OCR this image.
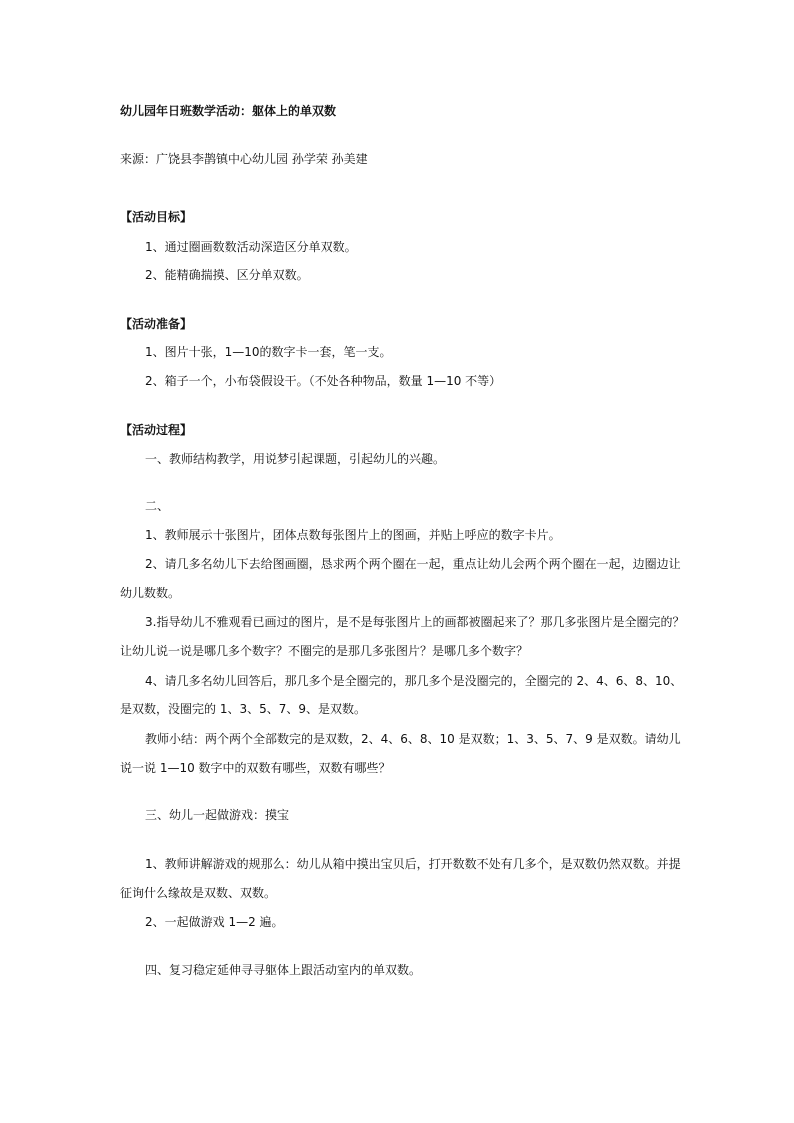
幼儿园年日班数学活动：躯体上的单双数
来源：广饶县李鹊镇中心幼儿园 孙学荣 孙美建
【活动目标】
1、通过圈画数数活动深造区分单双数。
2、能精确揣摸、区分单双数。
【活动准备】
1、图片十张，1—10的数字卡一套，笔一支。
2、箱子一个，小布袋假设干。（不处各种物品，数量 1—10 不等）
【活动过程】
一、教师结构教学，用说梦引起课题，引起幼儿的兴趣。
二、
1、教师展示十张图片，团体点数每张图片上的图画，并贴上呼应的数字卡片。
2、请几多名幼儿下去给图画圈，恳求两个两个圈在一起，重点让幼儿会两个两个圈在一起，边圈边让
幼儿数数。
3.指导幼儿不雅观看已画过的图片，是不是每张图片上的画都被圈起来了？那几多张图片是全圈完的？
让幼儿说一说是哪几多个数字？不圈完的是那几多张图片？是哪几多个数字？
4、请几多名幼儿回答后，那几多个是全圈完的，那几多个是没圈完的，全圈完的 2、4、6、8、10、
是双数，没圈完的 1、3、5、7、9、是双数。
教师小结：两个两个全部数完的是双数，2、4、6、8、10 是双数；1、3、5、7、9 是双数。请幼儿
说一说 1—10 数字中的双数有哪些，双数有哪些？
三、幼儿一起做游戏：摸宝
1、教师讲解游戏的规那么：幼儿从箱中摸出宝贝后，打开数数不处有几多个，是双数仍然双数。并提
征询什么缘故是双数、双数。
2、一起做游戏 1—2 遍。
四、复习稳定延伸寻寻躯体上跟活动室内的单双数。
